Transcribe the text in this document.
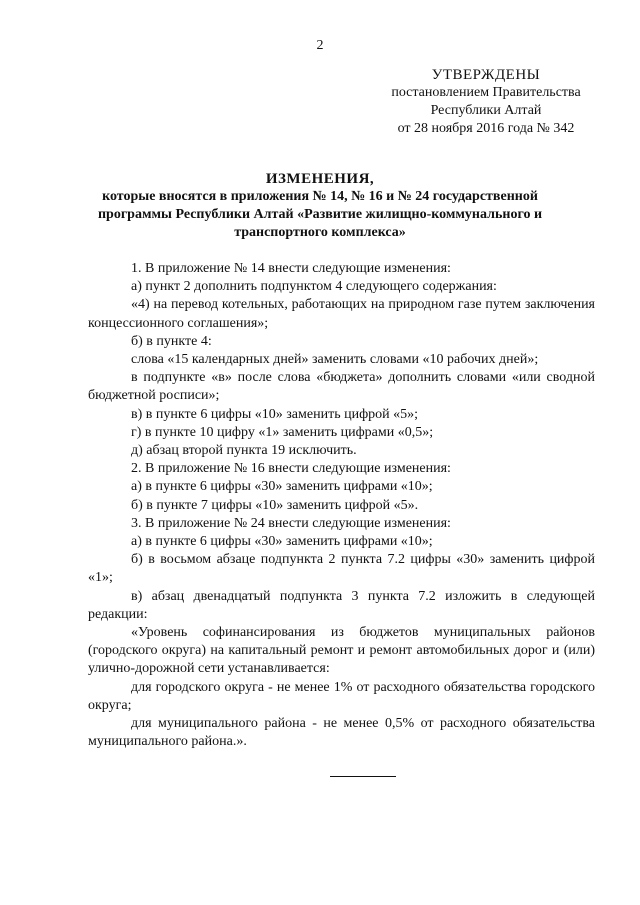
2
УТВЕРЖДЕНЫ
постановлением Правительства
Республики Алтай
от 28 ноября 2016 года № 342
ИЗМЕНЕНИЯ,
которые вносятся в приложения № 14, № 16 и № 24 государственной программы Республики Алтай «Развитие жилищно-коммунального и транспортного комплекса»

1. В приложение № 14 внести следующие изменения:

а) пункт 2 дополнить подпунктом 4 следующего содержания:

«4) на перевод котельных, работающих на природном газе путем заключения концессионного соглашения»;

б) в пункте 4:

слова «15 календарных дней» заменить словами «10 рабочих дней»;

в подпункте «в» после слова «бюджета» дополнить словами «или сводной бюджетной росписи»;

в) в пункте 6 цифры «10» заменить цифрой «5»;

г) в пункте 10 цифру «1» заменить цифрами «0,5»;

д) абзац второй пункта 19 исключить.

2. В приложение № 16 внести следующие изменения:

а) в пункте 6 цифры «30» заменить цифрами «10»;

б) в пункте 7 цифры «10» заменить цифрой «5».

3. В приложение № 24 внести следующие изменения:

а) в пункте 6 цифры «30» заменить цифрами «10»;

б) в восьмом абзаце подпункта 2 пункта 7.2 цифры «30» заменить цифрой «1»;

в) абзац двенадцатый подпункта 3 пункта 7.2 изложить в следующей редакции:

«Уровень софинансирования из бюджетов муниципальных районов (городского округа) на капитальный ремонт и ремонт автомобильных дорог и (или) улично-дорожной сети устанавливается:

для городского округа - не менее 1% от расходного обязательства городского округа;

для муниципального района - не менее 0,5% от расходного обязательства муниципального района.».
